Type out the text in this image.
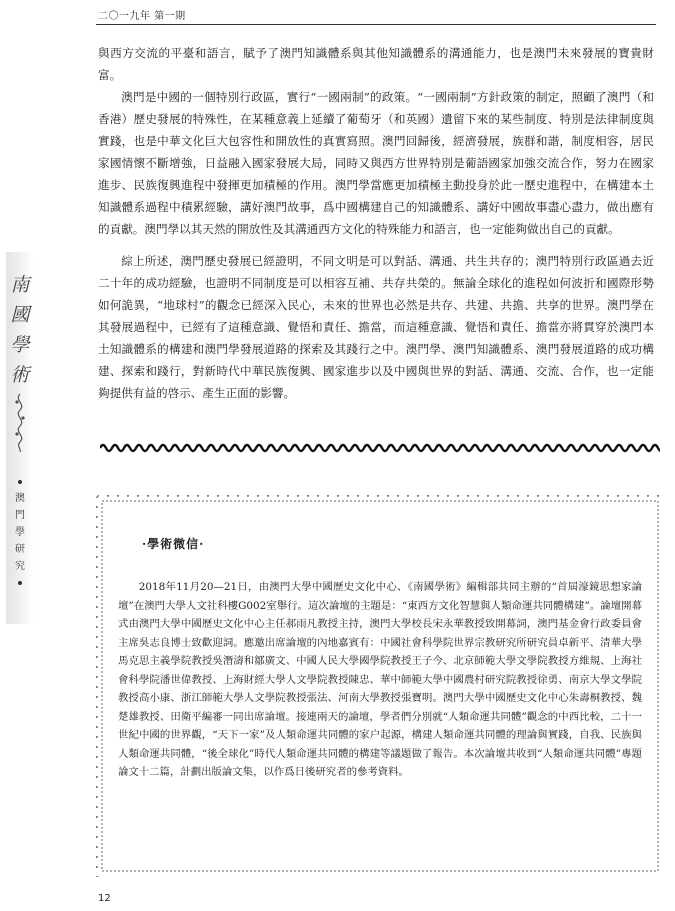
二〇一九年 第一期

與西方交流的平臺和語言，賦予了澳門知識體系與其他知識體系的溝通能力，也是澳門未來發展的寶貴財富。

澳門是中國的一個特別行政區，實行“一國兩制”的政策。“一國兩制”方針政策的制定，照顧了澳門（和香港）歷史發展的特殊性，在某種意義上延續了葡萄牙（和英國）遺留下來的某些制度、特別是法律制度與實踐，也是中華文化巨大包容性和開放性的真實寫照。澳門回歸後，經濟發展，族群和諧，制度相容，居民家國情懷不斷增強，日益融入國家發展大局，同時又與西方世界特別是葡語國家加強交流合作，努力在國家進步、民族復興進程中發揮更加積極的作用。澳門學當應更加積極主動投身於此一歷史進程中，在構建本土知識體系過程中積累經驗，講好澳門故事，爲中國構建自己的知識體系、講好中國故事盡心盡力，做出應有的貢獻。澳門學以其天然的開放性及其溝通西方文化的特殊能力和語言，也一定能夠做出自己的貢獻。

綜上所述，澳門歷史發展已經證明，不同文明是可以對話、溝通、共生共存的；澳門特別行政區過去近二十年的成功經驗，也證明不同制度是可以相容互補、共存共榮的。無論全球化的進程如何波折和國際形勢如何詭異，“地球村”的觀念已經深入民心，未來的世界也必然是共存、共建、共擔、共享的世界。澳門學在其發展過程中，已經有了這種意識、覺悟和責任、擔當，而這種意識、覺悟和責任、擔當亦將貫穿於澳門本土知識體系的構建和澳門學發展道路的探索及其踐行之中。澳門學、澳門知識體系、澳門發展道路的成功構建、探索和踐行，對新時代中華民族復興、國家進步以及中國與世界的對話、溝通、交流、合作，也一定能夠提供有益的啓示、產生正面的影響。

南
國
學
術
澳
門
學
研
究
·學術微信·

2018年11月20—21日，由澳門大學中國歷史文化中心、《南國學術》編輯部共同主辦的“首屆濠鏡思想家論壇”在澳門大學人文社科樓G002室舉行。這次論壇的主題是：“東西方文化智慧與人類命運共同體構建”。論壇開幕式由澳門大學中國歷史文化中心主任郝雨凡教授主持，澳門大學校長宋永華教授致開幕詞，澳門基金會行政委員會主席吳志良博士致歡迎詞。應邀出席論壇的內地嘉賓有：中國社會科學院世界宗教研究所研究員卓新平、清華大學馬克思主義學院教授吳潛濤和鄒廣文、中國人民大學國學院教授王子今、北京師範大學文學院教授方維規、上海社會科學院潘世偉教授、上海財經大學人文學院教授陳忠、華中師範大學中國農村研究院教授徐勇、南京大學文學院教授高小康、浙江師範大學人文學院教授張法、河南大學教授張寶明。澳門大學中國歷史文化中心朱壽桐教授、魏楚雄教授、田衛平編審一同出席論壇。接連兩天的論壇，學者們分別就“人類命運共同體”觀念的中西比較，二十一世紀中國的世界觀，“天下一家”及人類命運共同體的家户起源，構建人類命運共同體的理論與實踐，自我、民族與人類命運共同體，“後全球化”時代人類命運共同體的構建等議題做了報告。本次論壇共收到“人類命運共同體”專題論文十二篇，計劃出版論文集，以作爲日後研究者的參考資料。

12
